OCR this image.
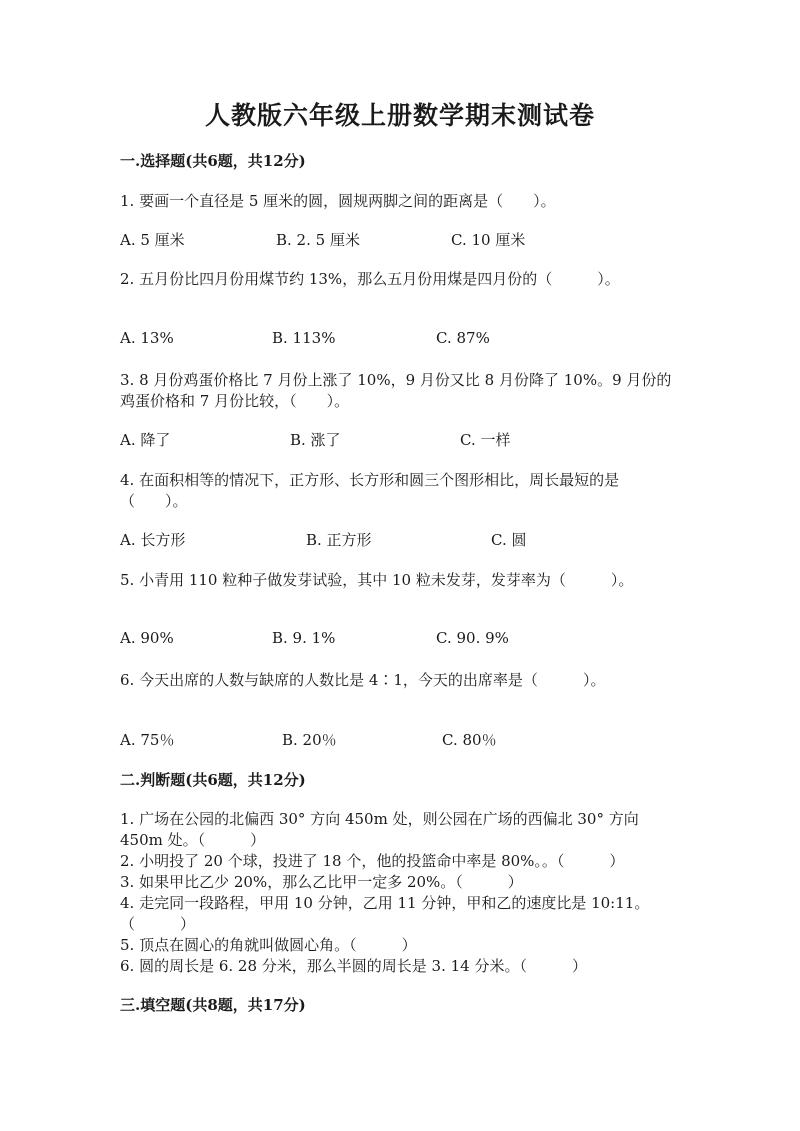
人教版六年级上册数学期末测试卷
一.选择题(共6题，共12分)
1. 要画一个直径是 5 厘米的圆，圆规两脚之间的距离是（　　）。
A. 5 厘米	B. 2. 5 厘米	C. 10 厘米
2. 五月份比四月份用煤节约 13%，那么五月份用煤是四月份的（　　　）。
A. 13%	B. 113%	C. 87%
3. 8 月份鸡蛋价格比 7 月份上涨了 10%，9 月份又比 8 月份降了 10%。9 月份的
鸡蛋价格和 7 月份比较，（　　）。
A. 降了	B. 涨了	C. 一样
4. 在面积相等的情况下，正方形、长方形和圆三个图形相比，周长最短的是
（　　）。
A. 长方形	B. 正方形	C. 圆
5. 小青用 110 粒种子做发芽试验，其中 10 粒未发芽，发芽率为（　　　）。
A. 90%	B. 9. 1%	C. 90. 9%
6. 今天出席的人数与缺席的人数比是 4∶1，今天的出席率是（　　　）。
A. 75％	B. 20％	C. 80％
二.判断题(共6题，共12分)
1. 广场在公园的北偏西 30° 方向 450m 处，则公园在广场的西偏北 30° 方向
450m 处。（　　　）
2. 小明投了 20 个球，投进了 18 个，他的投篮命中率是 80%。。（　　　）
3. 如果甲比乙少 20%，那么乙比甲一定多 20%。（　　　）
4. 走完同一段路程，甲用 10 分钟，乙用 11 分钟，甲和乙的速度比是 10:11。
（　　　）
5. 顶点在圆心的角就叫做圆心角。（　　　）
6. 圆的周长是 6. 28 分米，那么半圆的周长是 3. 14 分米。（　　　）
三.填空题(共8题，共17分)
